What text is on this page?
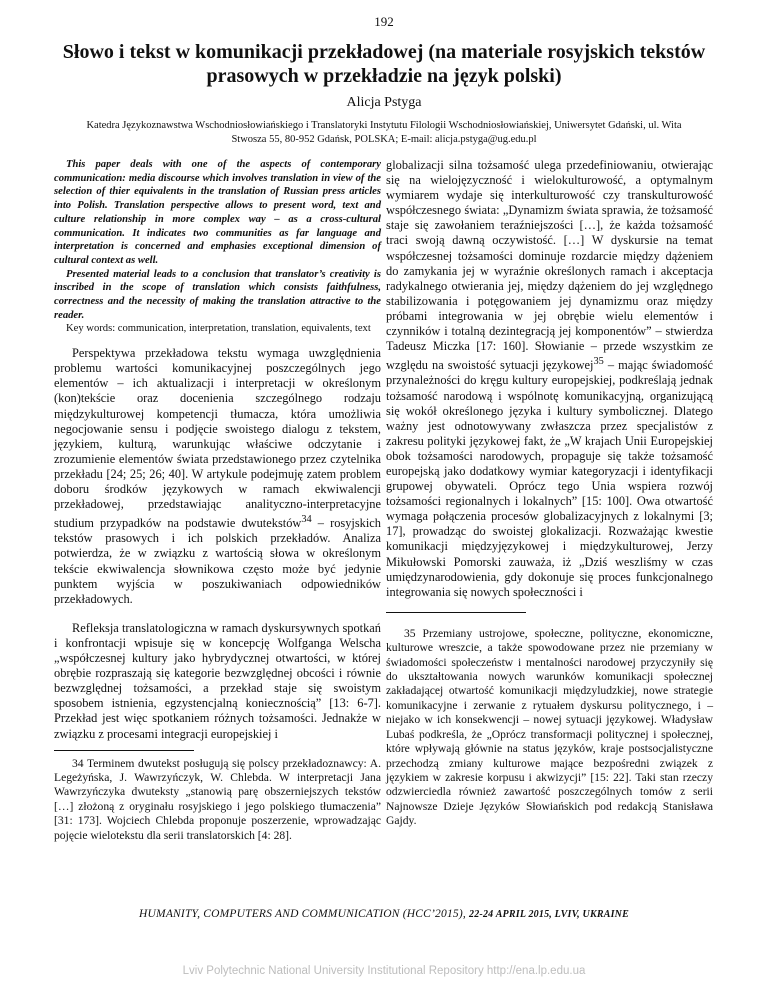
192
Słowo i tekst w komunikacji przekładowej (na materiale rosyjskich tekstów prasowych w przekładzie na język polski)
Alicja Pstyga
Katedra Językoznawstwa Wschodniosłowiańskiego i Translatoryki Instytutu Filologii Wschodniosłowiańskiej, Uniwersytet Gdański, ul. Wita Stwosza 55, 80-952 Gdańsk, POLSKA; E-mail: alicja.pstyga@ug.edu.pl

This paper deals with one of the aspects of contemporary communication: media discourse which involves translation in view of the selection of thier equivalents in the translation of Russian press articles into Polish. Translation perspective allows to present word, text and culture relationship in more complex way – as a cross-cultural communication. It indicates two communities as far language and interpretation is concerned and emphasies exceptional dimension of cultural context as well.

Presented material leads to a conclusion that translator’s creativity is inscribed in the scope of translation which consists faithfulness, correctness and the necessity of making the translation attractive to the reader.

Key words: communication, interpretation, translation, equivalents, text

Perspektywa przekładowa tekstu wymaga uwzględnienia problemu wartości komunikacyjnej poszczególnych jego elementów – ich aktualizacji i interpretacji w określonym (kon)tekście oraz docenienia szczególnego rodzaju międzykulturowej kompetencji tłumacza, która umożliwia negocjowanie sensu i podjęcie swoistego dialogu z tekstem, językiem, kulturą, warunkując właściwe odczytanie i zrozumienie elementów świata przedstawionego przez czytelnika przekładu [24; 25; 26; 40]. W artykule podejmuję zatem problem doboru środków językowych w ramach ekwiwalencji przekładowej, przedstawiając analityczno-interpretacyjne studium przypadków na podstawie dwutekstów$^{34}$ – rosyjskich tekstów prasowych i ich polskich przekładów. Analiza potwierdza, że w związku z wartością słowa w określonym tekście ekwiwalencja słownikowa często może być jedynie punktem wyjścia w poszukiwaniach odpowiedników przekładowych.

Refleksja translatologiczna w ramach dyskursywnych spotkań i konfrontacji wpisuje się w koncepcję Wolfganga Welscha „współczesnej kultury jako hybrydycznej otwartości, w której obrębie rozpraszają się kategorie bezwzględnej obcości i równie bezwzględnej tożsamości, a przekład staje się swoistym sposobem istnienia, egzystencjalną koniecznością” [13: 6-7]. Przekład jest więc spotkaniem różnych tożsamości. Jednakże w związku z procesami integracji europejskiej i

34 Terminem dwutekst posługują się polscy przekładoznawcy: A. Legeżyńska, J. Wawrzyńczyk, W. Chlebda. W interpretacji Jana Wawrzyńczyka dwuteksty „stanowią parę obszerniejszych tekstów […] złożoną z oryginału rosyjskiego i jego polskiego tłumaczenia” [31: 173]. Wojciech Chlebda proponuje poszerzenie, wprowadzając pojęcie wielotekstu dla serii translatorskich [4: 28].

globalizacji silna tożsamość ulega przedefiniowaniu, otwierając się na wielojęzyczność i wielokulturowość, a optymalnym wymiarem wydaje się interkulturowość czy transkulturowość współczesnego świata: „Dynamizm świata sprawia, że tożsamość staje się zawołaniem teraźniejszości […], że każda tożsamość traci swoją dawną oczywistość. […] W dyskursie na temat współczesnej tożsamości dominuje rozdarcie między dążeniem do zamykania jej w wyraźnie określonych ramach i akceptacja radykalnego otwierania jej, między dążeniem do jej względnego stabilizowania i potęgowaniem jej dynamizmu oraz między próbami integrowania w jej obrębie wielu elementów i czynników i totalną dezintegracją jej komponentów” – stwierdza Tadeusz Miczka [17: 160]. Słowianie – przede wszystkim ze względu na swoistość sytuacji językowej$^{35}$ – mając świadomość przynależności do kręgu kultury europejskiej, podkreślają jednak tożsamość narodową i wspólnotę komunikacyjną, organizującą się wokół określonego języka i kultury symbolicznej. Dlatego ważny jest odnotowywany zwłaszcza przez specjalistów z zakresu polityki językowej fakt, że „W krajach Unii Europejskiej obok tożsamości narodowych, propaguje się także tożsamość europejską jako dodatkowy wymiar kategoryzacji i identyfikacji grupowej obywateli. Oprócz tego Unia wspiera rozwój tożsamości regionalnych i lokalnych” [15: 100]. Owa otwartość wymaga połączenia procesów globalizacyjnych z lokalnymi [3; 17], prowadząc do swoistej glokalizacji. Rozważając kwestie komunikacji międzyjęzykowej i międzykulturowej, Jerzy Mikułowski Pomorski zauważa, iż „Dziś weszliśmy w czas umiędzynarodowienia, gdy dokonuje się proces funkcjonalnego integrowania się nowych społeczności i

35 Przemiany ustrojowe, społeczne, polityczne, ekonomiczne, kulturowe wreszcie, a także spowodowane przez nie przemiany w świadomości społeczeństw i mentalności narodowej przyczyniły się do ukształtowania nowych warunków komunikacji społecznej zakładającej otwartość komunikacji międzyludzkiej, nowe strategie komunikacyjne i zerwanie z rytuałem dyskursu politycznego, i – niejako w ich konsekwencji – nowej sytuacji językowej. Władysław Lubaś podkreśla, że „Oprócz transformacji politycznej i społecznej, które wpływają głównie na status języków, kraje postsocjalistyczne przechodzą zmiany kulturowe mające bezpośredni związek z językiem w zakresie korpusu i akwizycji” [15: 22]. Taki stan rzeczy odzwierciedla również zawartość poszczególnych tomów z serii Najnowsze Dzieje Języków Słowiańskich pod redakcją Stanisława Gajdy.

HUMANITY, COMPUTERS AND COMMUNICATION (HCC’2015), 22-24 APRIL 2015, LVIV, UKRAINE
Lviv Polytechnic National University Institutional Repository http://ena.lp.edu.ua
